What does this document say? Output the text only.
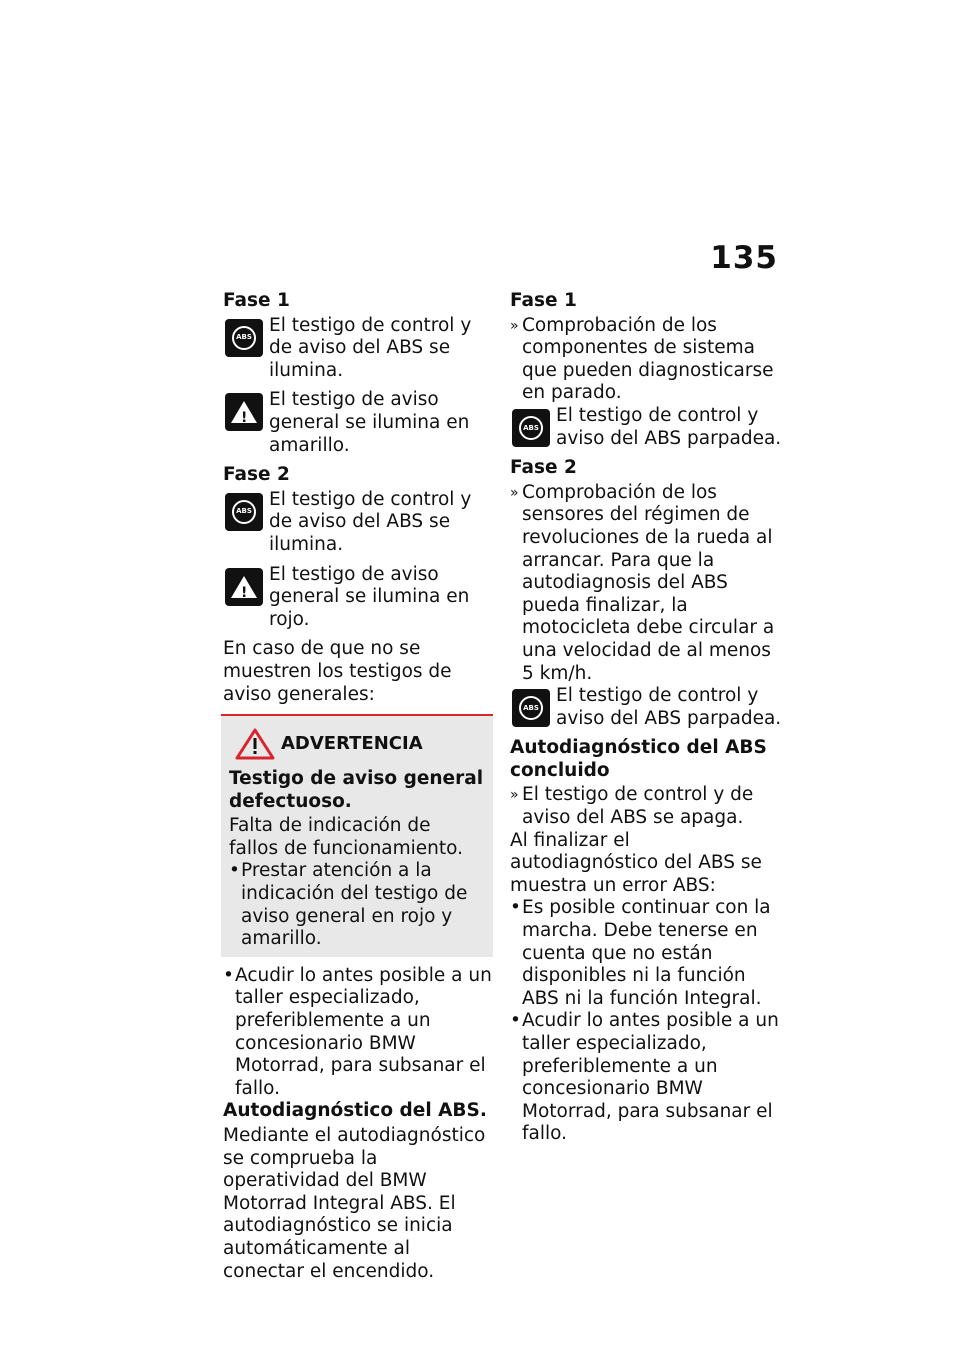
135
Fase 1
ABS
El testigo de control y de aviso del ABS se ilumina.
!
El testigo de aviso general se ilumina en amarillo.
Fase 2
ABS
El testigo de control y de aviso del ABS se ilumina.
!
El testigo de aviso general se ilumina en rojo.
En caso de que no se muestren los testigos de aviso generales:
ADVERTENCIA
Testigo de aviso general defectuoso.
Falta de indicación de fallos de funcionamiento.
• Prestar atención a la indicación del testigo de aviso general en rojo y amarillo.
• Acudir lo antes posible a un taller especializado, preferiblemente a un concesionario BMW Motorrad, para subsanar el fallo.
Autodiagnóstico del ABS.
Mediante el autodiagnóstico se comprueba la operatividad del BMW Motorrad Integral ABS. El autodiagnóstico se inicia automáticamente al conectar el encendido.
Fase 1
» Comprobación de los componentes de sistema que pueden diagnosticarse en parado.
ABS
El testigo de control y aviso del ABS parpadea.
Fase 2
» Comprobación de los sensores del régimen de revoluciones de la rueda al arrancar. Para que la autodiagnosis del ABS pueda finalizar, la motocicleta debe circular a una velocidad de al menos 5 km/h.
ABS
El testigo de control y aviso del ABS parpadea.
Autodiagnóstico del ABS concluido
» El testigo de control y de aviso del ABS se apaga.
Al finalizar el autodiagnóstico del ABS se muestra un error ABS:
• Es posible continuar con la marcha. Debe tenerse en cuenta que no están disponibles ni la función ABS ni la función Integral.
• Acudir lo antes posible a un taller especializado, preferiblemente a un concesionario BMW Motorrad, para subsanar el fallo.
